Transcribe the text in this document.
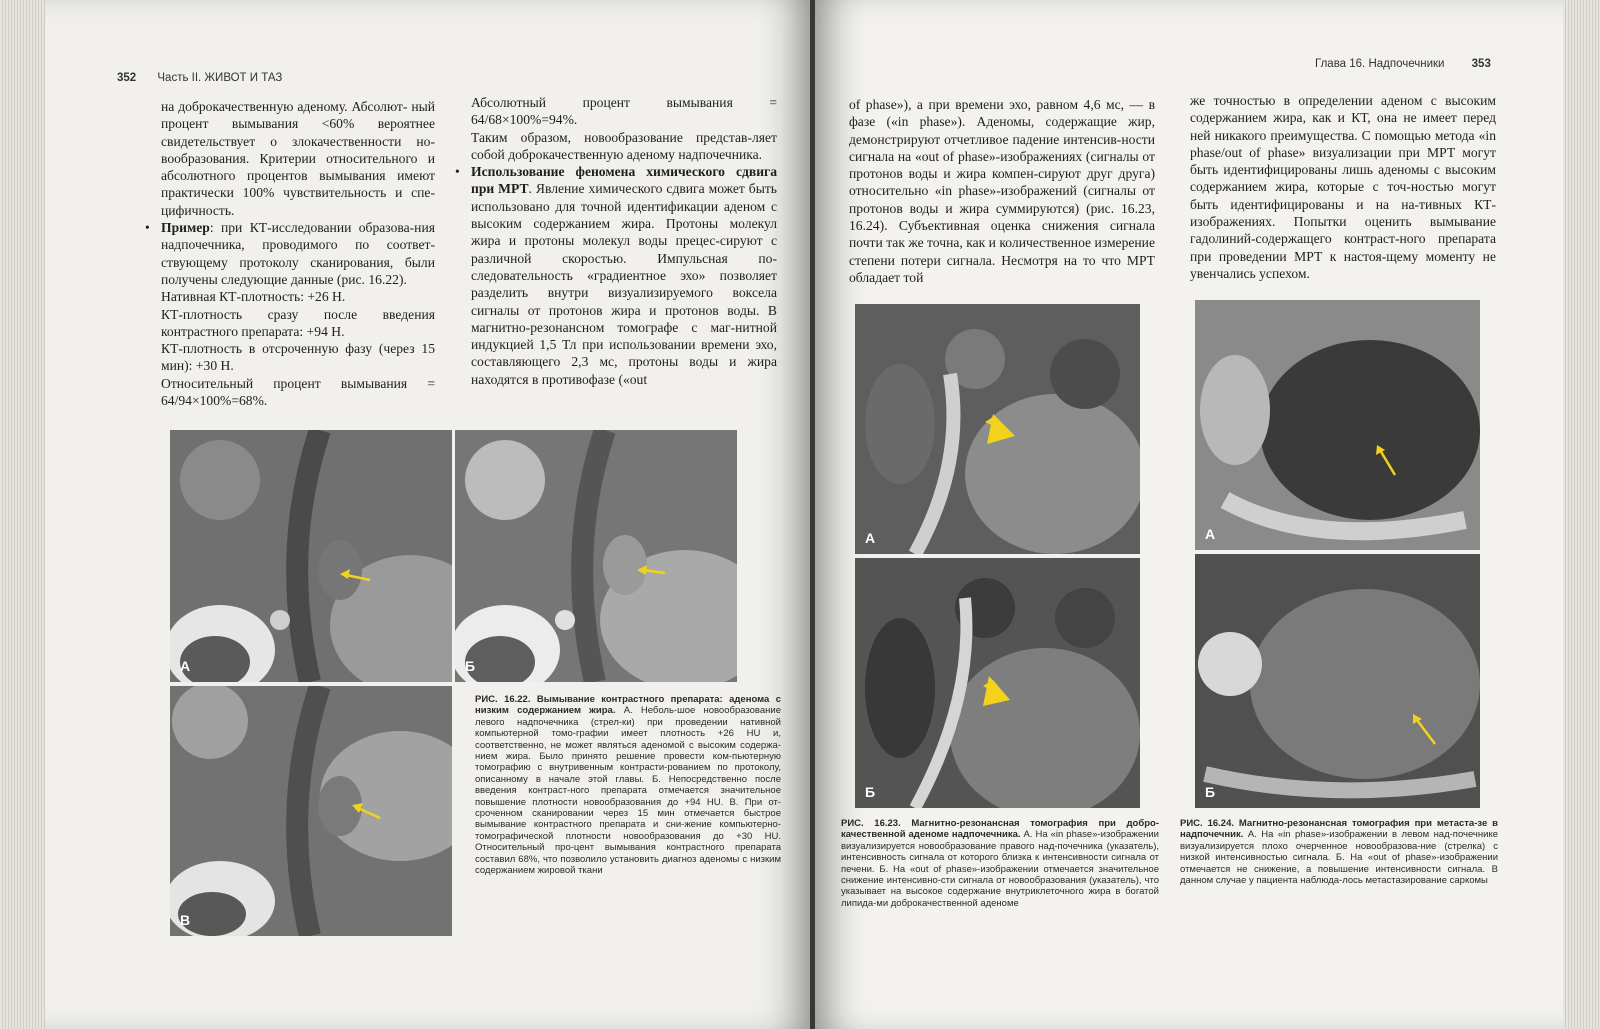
352 Часть II. ЖИВОТ И ТАЗ

на доброкачественную аденому. Абсолют- ный процент вымывания <60% вероятнее свидетельствует о злокачественности но- вообразования. Критерии относительного и абсолютного процентов вымывания имеют практически 100% чувствительность и спе- цифичность.

• Пример: при КТ-исследовании образова-ния надпочечника, проводимого по соответ-ствующему протоколу сканирования, были получены следующие данные (рис. 16.22).

Нативная КТ-плотность: +26 Н.

КТ-плотность сразу после введения контрастного препарата: +94 Н.

КТ-плотность в отсроченную фазу (через 15 мин): +30 Н.

Относительный процент вымывания = 64/94×100%=68%.

Абсолютный процент вымывания = 64/68×100%=94%.

Таким образом, новообразование представ-ляет собой доброкачественную аденому надпочечника.

• Использование феномена химического сдвига при МРТ. Явление химического сдвига может быть использовано для точной идентификации аденом с высоким содержанием жира. Протоны молекул жира и протоны молекул воды прецес-сируют с различной скоростью. Импульсная по-следовательность «градиентное эхо» позволяет разделить внутри визуализируемого воксела сигналы от протонов жира и протонов воды. В магнитно-резонансном томографе с маг-нитной индукцией 1,5 Тл при использовании времени эхо, составляющего 2,3 мс, протоны воды и жира находятся в противофазе («out

А	Б
В
РИС. 16.22. Вымывание контрастного препарата: аденома с низким содержанием жира. А. Неболь-шое новообразование левого надпочечника (стрел-ки) при проведении нативной компьютерной томо-графии имеет плотность +26 HU и, соответственно, не может являться аденомой с высоким содержа-нием жира. Было принято решение провести ком-пьютерную томографию с внутривенным контрасти-рованием по протоколу, описанному в начале этой главы. Б. Непосредственно после введения контраст-ного препарата отмечается значительное повышение плотности новообразования до +94 HU. В. При от-сроченном сканировании через 15 мин отмечается быстрое вымывание контрастного препарата и сни-жение компьютерно-томографической плотности новообразования до +30 HU. Относительный про-цент вымывания контрастного препарата составил 68%, что позволило установить диагноз аденомы с низким содержанием жировой ткани
Глава 16. Надпочечники 353

of phase»), а при времени эхо, равном 4,6 мс, — в фазе («in phase»). Аденомы, содержащие жир, демонстрируют отчетливое падение интенсив-ности сигнала на «out of phase»-изображениях (сигналы от протонов воды и жира компен-сируют друг друга) относительно «in phase»-изображений (сигналы от протонов воды и жира суммируются) (рис. 16.23, 16.24). Субъективная оценка снижения сигнала почти так же точна, как и количественное измерение степени потери сигнала. Несмотря на то что МРТ обладает той

же точностью в определении аденом с высоким содержанием жира, как и КТ, она не имеет перед ней никакого преимущества. С помощью метода «in phase/out of phase» визуализации при МРТ могут быть идентифицированы лишь аденомы с высоким содержанием жира, которые с точ-ностью могут быть идентифицированы и на на-тивных КТ-изображениях. Попытки оценить вымывание гадолиний-содержащего контраст-ного препарата при проведении МРТ к настоя-щему моменту не увенчались успехом.

А
Б
А
Б
РИС. 16.23. Магнитно-резонансная томография при добро-качественной аденоме надпочечника. А. На «in phase»-изображении визуализируется новообразование правого над-почечника (указатель), интенсивность сигнала от которого близка к интенсивности сигнала от печени. Б. На «out of phase»-изображении отмечается значительное снижение интенсивно-сти сигнала от новообразования (указатель), что указывает на высокое содержание внутриклеточного жира в богатой липида-ми доброкачественной аденоме
РИС. 16.24. Магнитно-резонансная томография при метаста-зе в надпочечник. А. На «in phase»-изображении в левом над-почечнике визуализируется плохо очерченное новообразова-ние (стрелка) с низкой интенсивностью сигнала. Б. На «out of phase»-изображении отмечается не снижение, а повышение интенсивности сигнала. В данном случае у пациента наблюда-лось метастазирование саркомы
